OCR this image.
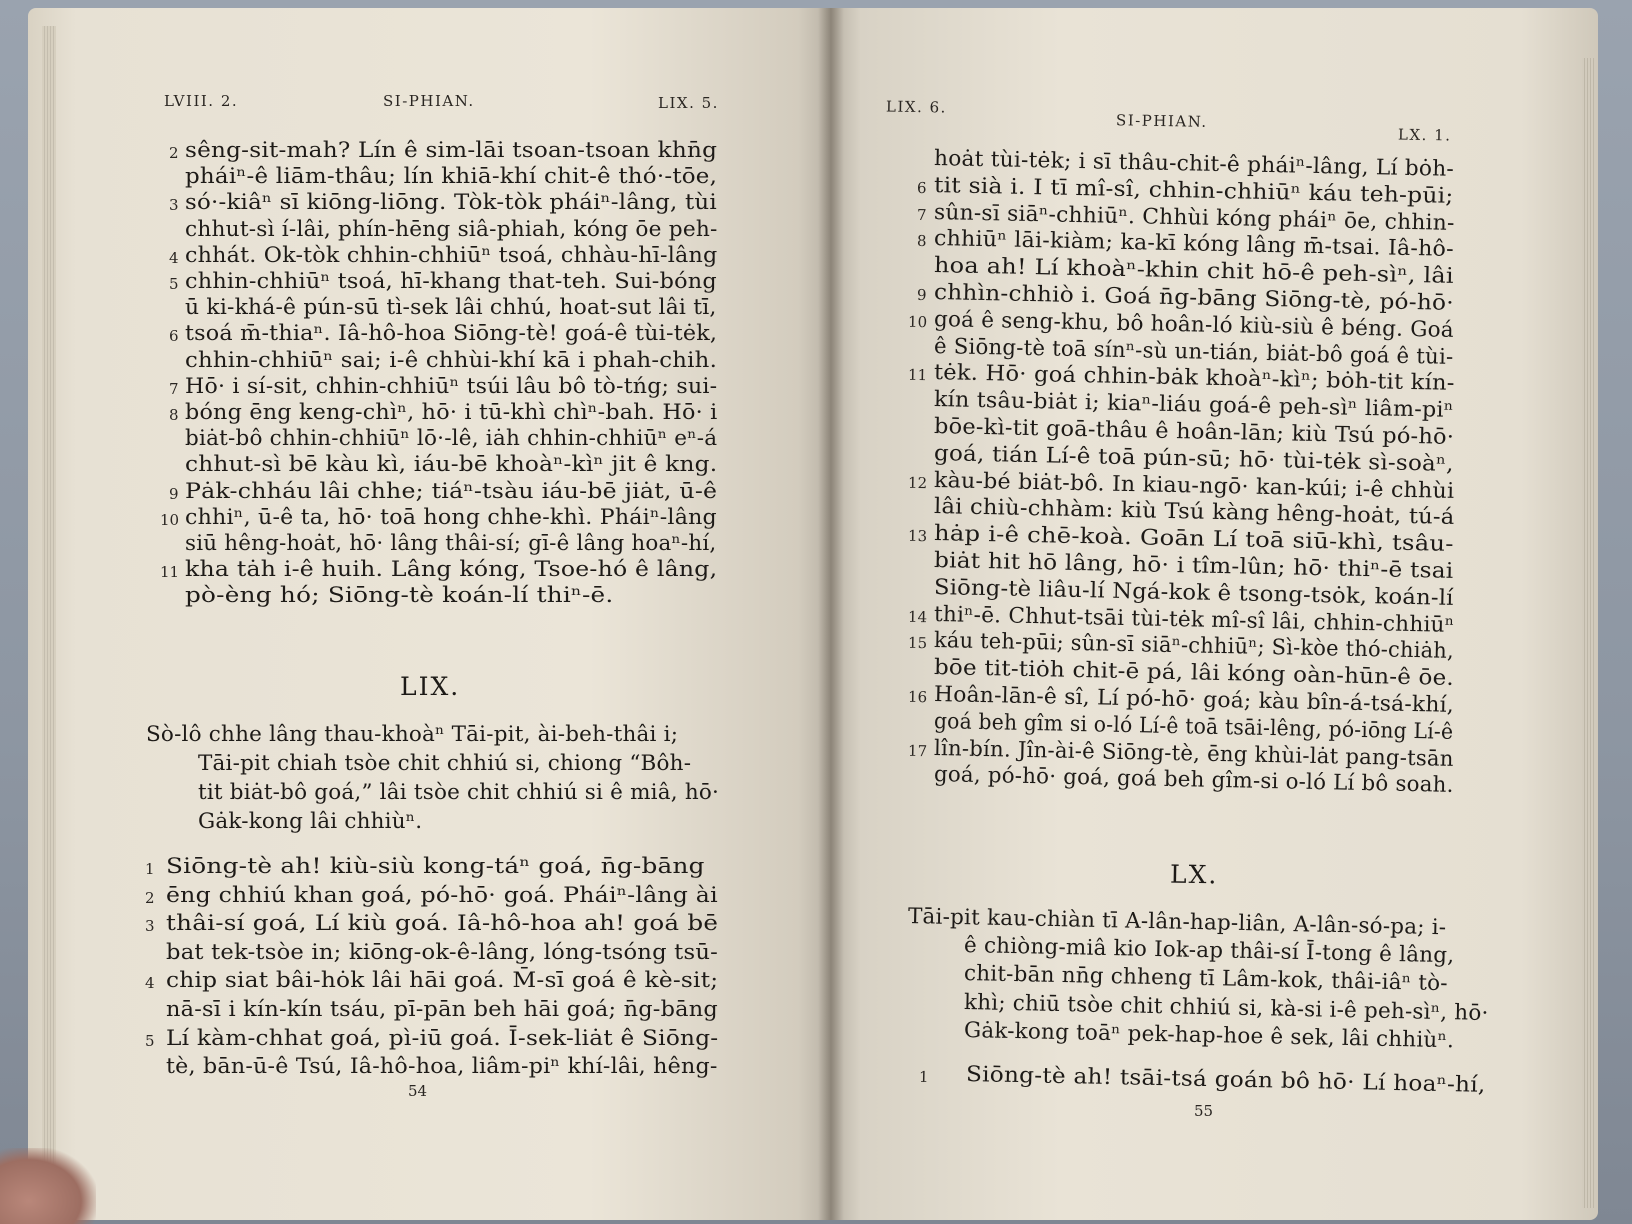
LVIII. 2.	SI-PHIAN.	LIX. 5.
2 sêng-sit-mah? Lín ê sim-lāi tsoan-tsoan khn̄g
pháiⁿ-ê liām-thâu; lín khiā-khí chit-ê thó·-tōe,
3 só·-kiâⁿ sī kiōng-liōng. Tòk-tòk pháiⁿ-lâng, tùi
chhut-sì í-lâi, phín-hēng siâ-phiah, kóng ōe peh-
4 chhát. Ok-tòk chhin-chhiūⁿ tsoá, chhàu-hī-lâng
5 chhin-chhiūⁿ tsoá, hī-khang that-teh. Sui-bóng
ū ki-khá-ê pún-sū tì-sek lâi chhú, hoat-sut lâi tī,
6 tsoá m̄-thiaⁿ. Iâ-hô-hoa Siōng-tè! goá-ê tùi-tėk,
chhin-chhiūⁿ sai; i-ê chhùi-khí kā i phah-chih.
7 Hō· i sí-sit, chhin-chhiūⁿ tsúi lâu bô tò-tńg; sui-
8 bóng ēng keng-chìⁿ, hō· i tū-khì chìⁿ-bah. Hō· i
biȧt-bô chhin-chhiūⁿ lō·-lê, iȧh chhin-chhiūⁿ eⁿ-á
chhut-sì bē kàu kì, iáu-bē khoàⁿ-kìⁿ jit ê kng.
9 Pȧk-chháu lâi chhe; tiáⁿ-tsàu iáu-bē jiȧt, ū-ê
10 chhiⁿ, ū-ê ta, hō· toā hong chhe-khì. Pháiⁿ-lâng
siū hêng-hoȧt, hō· lâng thâi-sí; gī-ê lâng hoaⁿ-hí,
11 kha tȧh i-ê huih. Lâng kóng, Tsoe-hó ê lâng,
pò-èng hó; Siōng-tè koán-lí thiⁿ-ē.
LIX.
Sò-lô chhe lâng thau-khoàⁿ Tāi-pit, ài-beh-thâi i;
Tāi-pit chiah tsòe chit chhiú si, chiong “Bôh-
tit biȧt-bô goá,” lâi tsòe chit chhiú si ê miâ, hō·
Gȧk-kong lâi chhiùⁿ.
1 Siōng-tè ah! kiù-siù kong-táⁿ goá, n̄g-bāng
2 ēng chhiú khan goá, pó-hō· goá. Pháiⁿ-lâng ài
3 thâi-sí goá, Lí kiù goá. Iâ-hô-hoa ah! goá bē
bat tek-tsòe in; kiōng-ok-ê-lâng, lóng-tsóng tsū-
4 chip siat bâi-hȯk lâi hāi goá. M̄-sī goá ê kè-sit;
nā-sī i kín-kín tsáu, pī-pān beh hāi goá; n̄g-bāng
5 Lí kàm-chhat goá, pì-iū goá. Ī-sek-liȧt ê Siōng-
tè, bān-ū-ê Tsú, Iâ-hô-hoa, liâm-piⁿ khí-lâi, hêng-
54
LIX. 6.
SI-PHIAN.
LX. 1.
hoȧt tùi-tėk; i sī thâu-chit-ê pháiⁿ-lâng, Lí bȯh-
6 tit sià i. I tī mî-sî, chhin-chhiūⁿ káu teh-pūi;
7 sûn-sī siāⁿ-chhiūⁿ. Chhùi kóng pháiⁿ ōe, chhin-
8 chhiūⁿ lāi-kiàm; ka-kī kóng lâng m̄-tsai. Iâ-hô-
hoa ah! Lí khoàⁿ-khin chit hō-ê peh-sìⁿ, lâi
9 chhìn-chhiò i. Goá n̄g-bāng Siōng-tè, pó-hō·
10 goá ê seng-khu, bô hoân-ló kiù-siù ê béng. Goá
ê Siōng-tè toā sínⁿ-sù un-tián, biȧt-bô goá ê tùi-
11 tėk. Hō· goá chhin-bȧk khoàⁿ-kìⁿ; bȯh-tit kín-
kín tsâu-biȧt i; kiaⁿ-liáu goá-ê peh-sìⁿ liâm-piⁿ
bōe-kì-tit goā-thâu ê hoân-lān; kiù Tsú pó-hō·
goá, tián Lí-ê toā pún-sū; hō· tùi-tėk sì-soàⁿ,
12 kàu-bé biȧt-bô. In kiau-ngō· kan-kúi; i-ê chhùi
lâi chiù-chhàm: kiù Tsú kàng hêng-hoȧt, tú-á
13 hȧp i-ê chē-koà. Goān Lí toā siū-khì, tsâu-
biȧt hit hō lâng, hō· i tîm-lûn; hō· thiⁿ-ē tsai
Siōng-tè liâu-lí Ngá-kok ê tsong-tsȯk, koán-lí
14 thiⁿ-ē. Chhut-tsāi tùi-tėk mî-sî lâi, chhin-chhiūⁿ
15 káu teh-pūi; sûn-sī siāⁿ-chhiūⁿ; Sì-kòe thó-chiȧh,
bōe tit-tiȯh chit-ē pá, lâi kóng oàn-hūn-ê ōe.
16 Hoân-lān-ê sî, Lí pó-hō· goá; kàu bîn-á-tsá-khí,
goá beh gîm si o-ló Lí-ê toā tsāi-lêng, pó-iōng Lí-ê
17 lîn-bín. Jîn-ài-ê Siōng-tè, ēng khùi-lȧt pang-tsān
goá, pó-hō· goá, goá beh gîm-si o-ló Lí bô soah.
LX.
Tāi-pit kau-chiàn tī A-lân-hap-liân, A-lân-só-pa; i-
ê chiòng-miâ kio Iok-ap thâi-sí Ī-tong ê lâng,
chit-bān nn̄g chheng tī Lâm-kok, thâi-iâⁿ tò-
khì; chiū tsòe chit chhiú si, kà-si i-ê peh-sìⁿ, hō·
Gȧk-kong toāⁿ pek-hap-hoe ê sek, lâi chhiùⁿ.
1 Siōng-tè ah! tsāi-tsá goán bô hō· Lí hoaⁿ-hí,
55
